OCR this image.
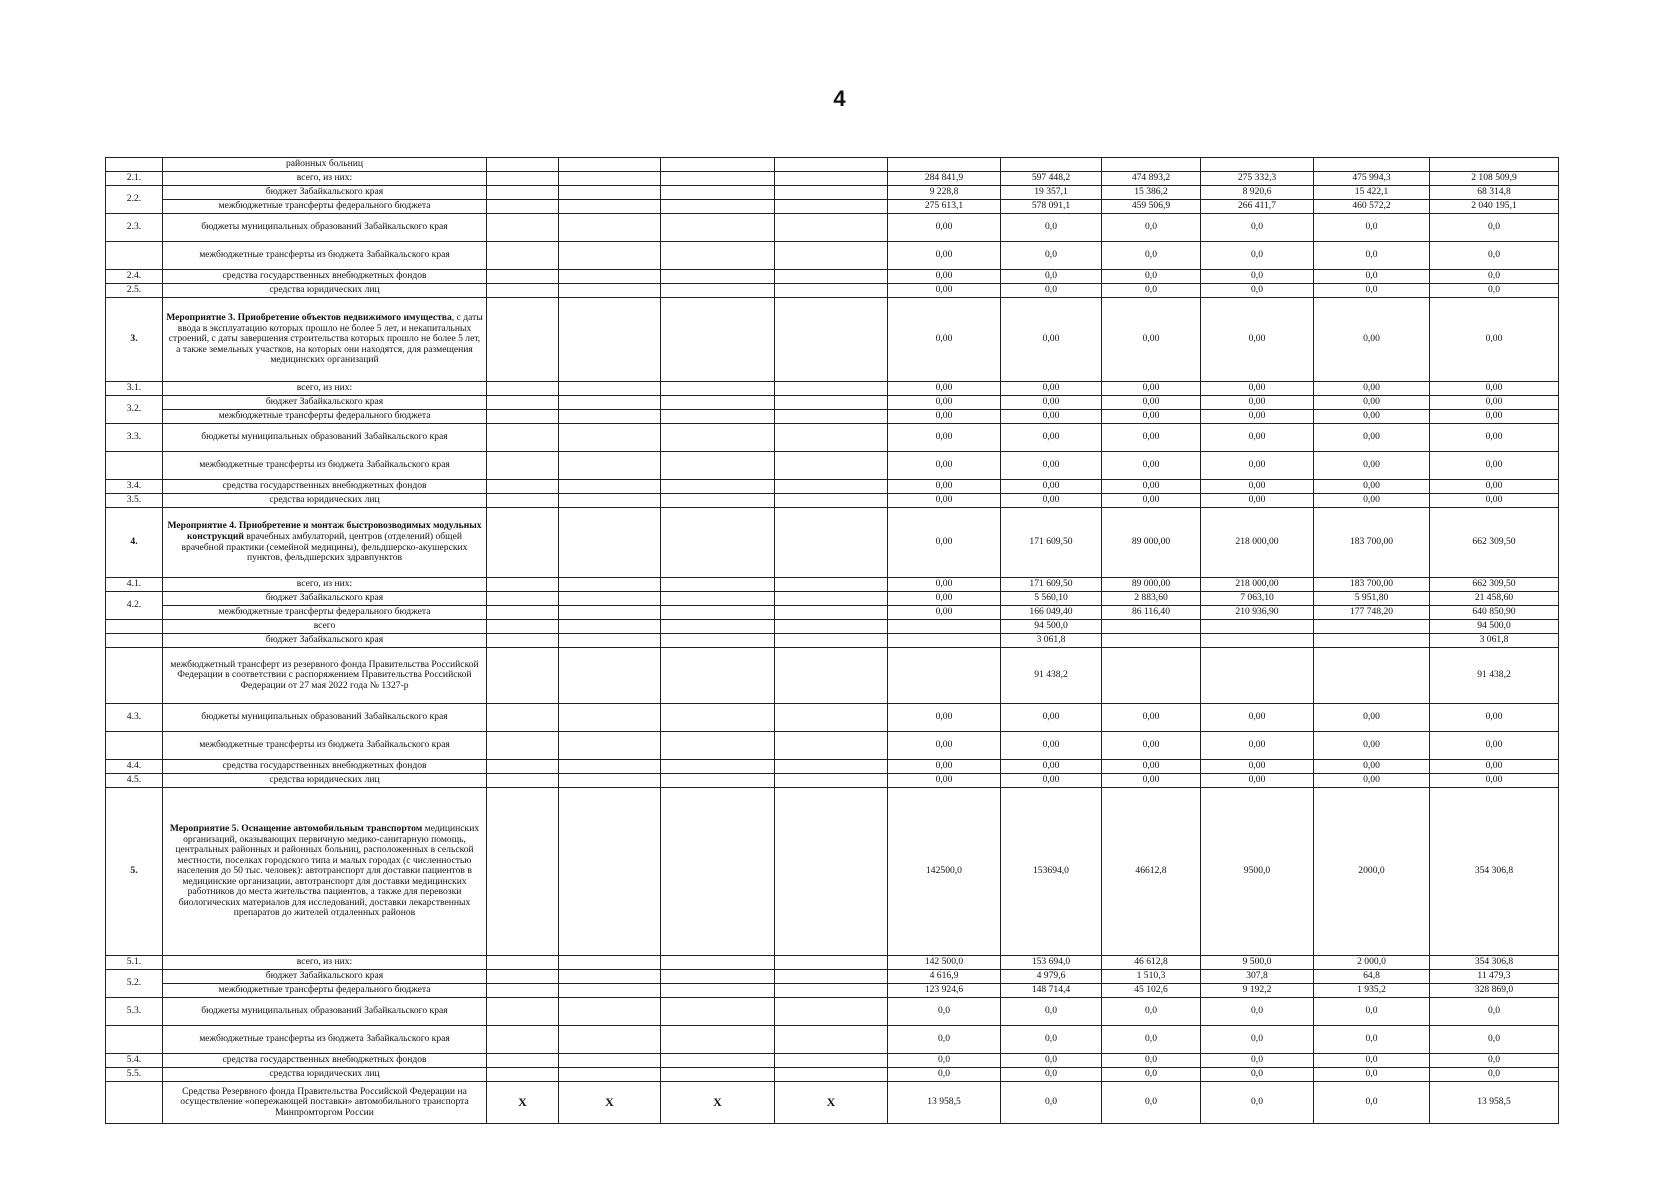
4
	районных больниц										
2.1.	всего, из них:					284 841,9	597 448,2	474 893,2	275 332,3	475 994,3	2 108 509,9
2.2.	бюджет Забайкальского края					9 228,8	19 357,1	15 386,2	8 920,6	15 422,1	68 314,8
	межбюджетные трансферты федерального бюджета					275 613,1	578 091,1	459 506,9	266 411,7	460 572,2	2 040 195,1
2.3.	бюджеты муниципальных образований Забайкальского края					0,00	0,0	0,0	0,0	0,0	0,0
	межбюджетные трансферты из бюджета Забайкальского края					0,00	0,0	0,0	0,0	0,0	0,0
2.4.	средства государственных внебюджетных фондов					0,00	0,0	0,0	0,0	0,0	0,0
2.5.	средства юридических лиц					0,00	0,0	0,0	0,0	0,0	0,0
3.	Мероприятие 3. Приобретение объектов недвижимого имущества, с даты ввода в эксплуатацию которых прошло не более 5 лет, и некапитальных строений, с даты завершения строительства которых прошло не более 5 лет, а также земельных участков, на которых они находятся, для размещения медицинских организаций					0,00	0,00	0,00	0,00	0,00	0,00
3.1.	всего, из них:					0,00	0,00	0,00	0,00	0,00	0,00
3.2.	бюджет Забайкальского края					0,00	0,00	0,00	0,00	0,00	0,00
	межбюджетные трансферты федерального бюджета					0,00	0,00	0,00	0,00	0,00	0,00
3.3.	бюджеты муниципальных образований Забайкальского края					0,00	0,00	0,00	0,00	0,00	0,00
	межбюджетные трансферты из бюджета Забайкальского края					0,00	0,00	0,00	0,00	0,00	0,00
3.4.	средства государственных внебюджетных фондов					0,00	0,00	0,00	0,00	0,00	0,00
3.5.	средства юридических лиц					0,00	0,00	0,00	0,00	0,00	0,00
4.	Мероприятие 4. Приобретение и монтаж быстровозводимых модульных конструкций врачебных амбулаторий, центров (отделений) общей врачебной практики (семейной медицины), фельдшерско-акушерских пунктов, фельдшерских здравпунктов					0,00	171 609,50	89 000,00	218 000,00	183 700,00	662 309,50
4.1.	всего, из них:					0,00	171 609,50	89 000,00	218 000,00	183 700,00	662 309,50
4.2.	бюджет Забайкальского края					0,00	5 560,10	2 883,60	7 063,10	5 951,80	21 458,60
	межбюджетные трансферты федерального бюджета					0,00	166 049,40	86 116,40	210 936,90	177 748,20	640 850,90
	всего						94 500,0				94 500,0
	бюджет Забайкальского края						3 061,8				3 061,8
	межбюджетный трансферт из резервного фонда Правительства Российской Федерации в соответствии с распоряжением Правительства Российской Федерации от 27 мая 2022 года № 1327-р						91 438,2				91 438,2
4.3.	бюджеты муниципальных образований Забайкальского края					0,00	0,00	0,00	0,00	0,00	0,00
	межбюджетные трансферты из бюджета Забайкальского края					0,00	0,00	0,00	0,00	0,00	0,00
4.4.	средства государственных внебюджетных фондов					0,00	0,00	0,00	0,00	0,00	0,00
4.5.	средства юридических лиц					0,00	0,00	0,00	0,00	0,00	0,00
5.	Мероприятие 5. Оснащение автомобильным транспортом медицинских организаций, оказывающих первичную медико-санитарную помощь, центральных районных и районных больниц, расположенных в сельской местности, поселках городского типа и малых городах (с численностью населения до 50 тыс. человек): автотранспорт для доставки пациентов в медицинские организации, автотранспорт для доставки медицинских работников до места жительства пациентов, а также для перевозки биологических материалов для исследований, доставки лекарственных препаратов до жителей отдаленных районов					142500,0	153694,0	46612,8	9500,0	2000,0	354 306,8
5.1.	всего, из них:					142 500,0	153 694,0	46 612,8	9 500,0	2 000,0	354 306,8
5.2.	бюджет Забайкальского края					4 616,9	4 979,6	1 510,3	307,8	64,8	11 479,3
	межбюджетные трансферты федерального бюджета					123 924,6	148 714,4	45 102,6	9 192,2	1 935,2	328 869,0
5.3.	бюджеты муниципальных образований Забайкальского края					0,0	0,0	0,0	0,0	0,0	0,0
	межбюджетные трансферты из бюджета Забайкальского края					0,0	0,0	0,0	0,0	0,0	0,0
5.4.	средства государственных внебюджетных фондов					0,0	0,0	0,0	0,0	0,0	0,0
5.5.	средства юридических лиц					0,0	0,0	0,0	0,0	0,0	0,0
	Средства Резервного фонда Правительства Российской Федерации на осуществление «опережающей поставки» автомобильного транспорта Минпромторгом России	Х	Х	Х	Х	13 958,5	0,0	0,0	0,0	0,0	13 958,5
